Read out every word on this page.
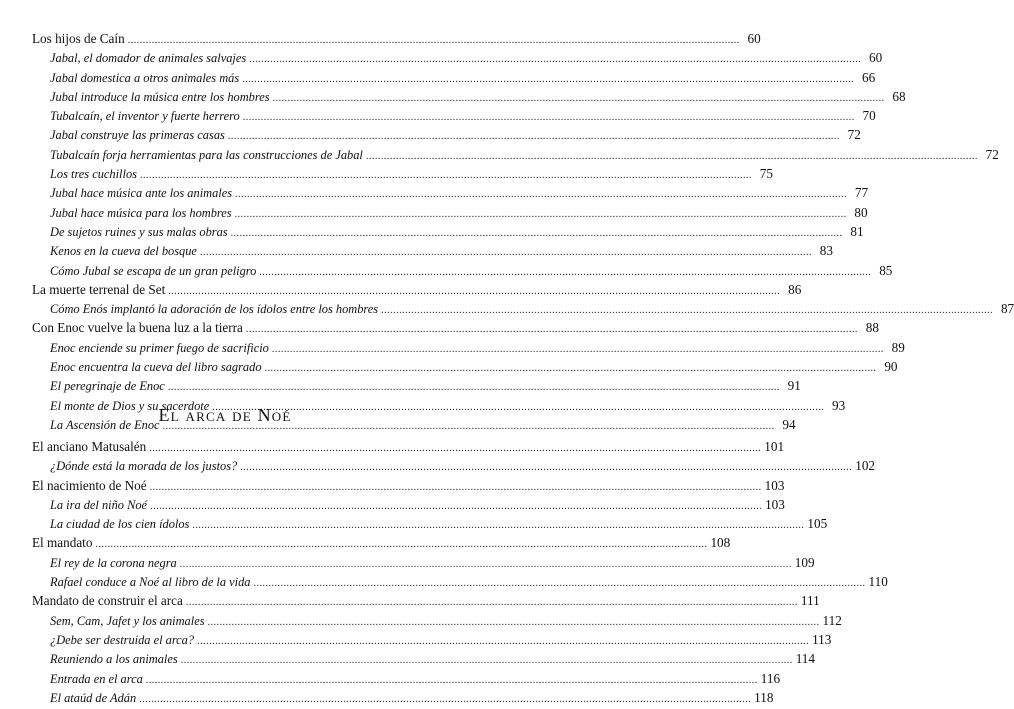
Los hijos de Caín .....	60
Jabal, el domador de animales salvajes .....	60
Jabal domestica a otros animales más .....	66
Jubal introduce la música entre los hombres .....	68
Tubalcaín, el inventor y fuerte herrero .....	70
Jabal construye las primeras casas .....	72
Tubalcaín forja herramientas para las construcciones de Jabal .....	72
Los tres cuchillos .....	75
Jubal hace música ante los animales .....	77
Jubal hace música para los hombres .....	80
De sujetos ruines y sus malas obras .....	81
Kenos en la cueva del bosque .....	83
Cómo Jubal se escapa de un gran peligro .....	85
La muerte terrenal de Set .....	86
Cómo Enós implantó la adoración de los ídolos entre los hombres .....	87
Con Enoc vuelve la buena luz a la tierra .....	88
Enoc enciende su primer fuego de sacrificio .....	89
Enoc encuentra la cueva del libro sagrado .....	90
El peregrinaje de Enoc .....	91
El monte de Dios y su sacerdote .....	93
La Ascensión de Enoc .....	94
El arca de Noé
El anciano Matusalén .....	101
¿Dónde está la morada de los justos? .....	102
El nacimiento de Noé .....	103
La ira del niño Noé .....	103
La ciudad de los cien ídolos .....	105
El mandato .....	108
El rey de la corona negra .....	109
Rafael conduce a Noé al libro de la vida .....	110
Mandato de construir el arca .....	111
Sem, Cam, Jafet y los animales .....	112
¿Debe ser destruida el arca? .....	113
Reuniendo a los animales .....	114
Entrada en el arca .....	116
El ataúd de Adán .....	118
